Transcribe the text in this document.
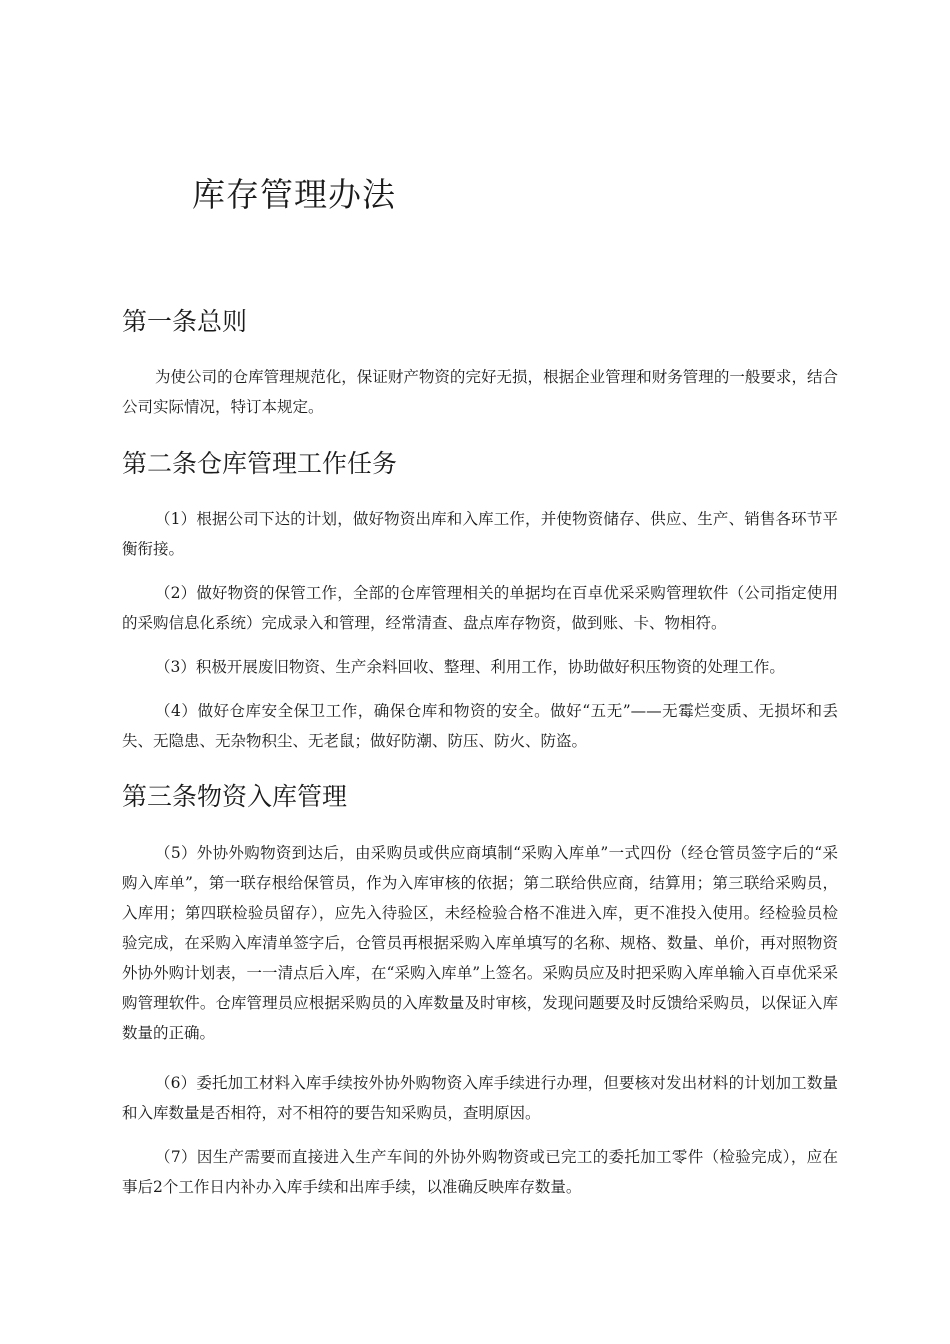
库存管理办法
第一条总则

为使公司的仓库管理规范化，保证财产物资的完好无损，根据企业管理和财务管理的一般要求，结合公司实际情况，特订本规定。

第二条仓库管理工作任务

（1）根据公司下达的计划，做好物资出库和入库工作，并使物资储存、供应、生产、销售各环节平衡衔接。

（2）做好物资的保管工作，全部的仓库管理相关的单据均在百卓优采采购管理软件（公司指定使用的采购信息化系统）完成录入和管理，经常清查、盘点库存物资，做到账、卡、物相符。

（3）积极开展废旧物资、生产余料回收、整理、利用工作，协助做好积压物资的处理工作。

（4）做好仓库安全保卫工作，确保仓库和物资的安全。做好“五无”——无霉烂变质、无损坏和丢失、无隐患、无杂物积尘、无老鼠；做好防潮、防压、防火、防盗。

第三条物资入库管理

（5）外协外购物资到达后，由采购员或供应商填制“采购入库单”一式四份（经仓管员签字后的“采购入库单”，第一联存根给保管员，作为入库审核的依据；第二联给供应商，结算用；第三联给采购员，入库用；第四联检验员留存），应先入待验区，未经检验合格不准进入库，更不准投入使用。经检验员检验完成，在采购入库清单签字后，仓管员再根据采购入库单填写的名称、规格、数量、单价，再对照物资外协外购计划表，一一清点后入库，在“采购入库单”上签名。采购员应及时把采购入库单输入百卓优采采购管理软件。仓库管理员应根据采购员的入库数量及时审核，发现问题要及时反馈给采购员，以保证入库数量的正确。

（6）委托加工材料入库手续按外协外购物资入库手续进行办理，但要核对发出材料的计划加工数量和入库数量是否相符，对不相符的要告知采购员，查明原因。

（7）因生产需要而直接进入生产车间的外协外购物资或已完工的委托加工零件（检验完成），应在事后2个工作日内补办入库手续和出库手续，以准确反映库存数量。
